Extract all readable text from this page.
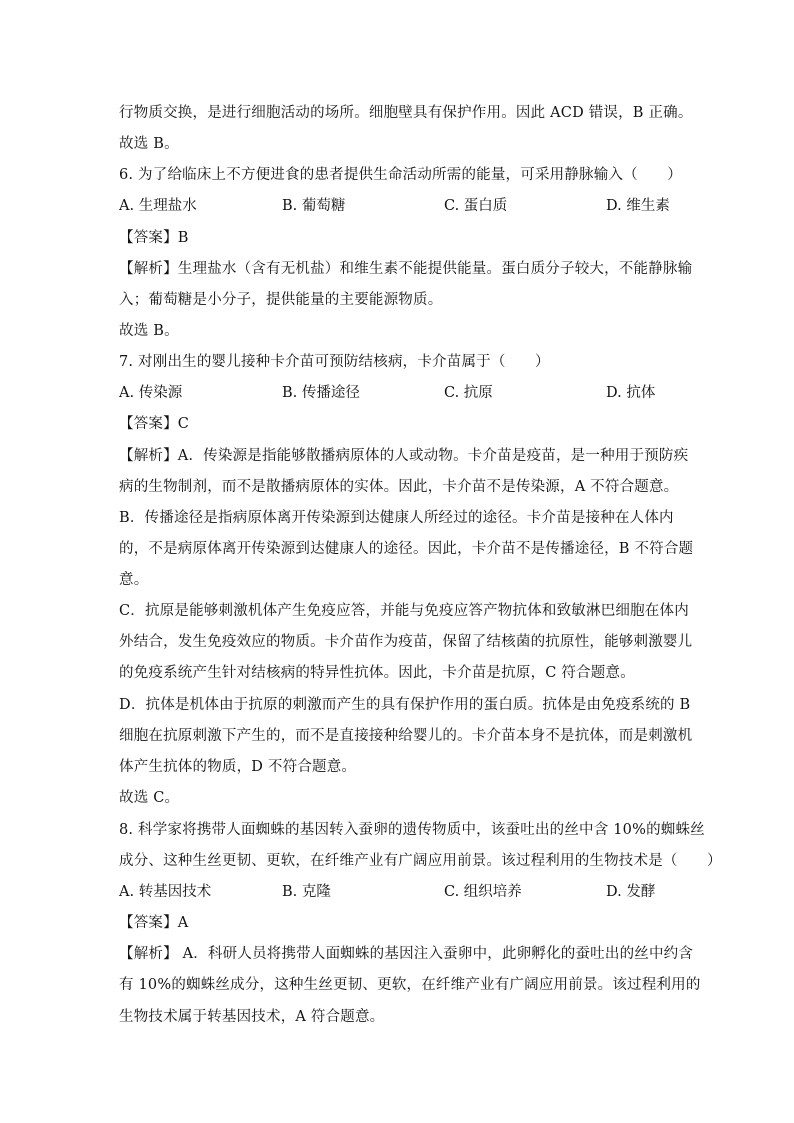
行物质交换，是进行细胞活动的场所。细胞壁具有保护作用。因此 ACD 错误，B 正确。
故选 B。
6. 为了给临床上不方便进食的患者提供生命活动所需的能量，可采用静脉输入（　　）
A. 生理盐水	B. 葡萄糖	C. 蛋白质	D. 维生素
【答案】B
【解析】生理盐水（含有无机盐）和维生素不能提供能量。蛋白质分子较大，不能静脉输
入；葡萄糖是小分子，提供能量的主要能源物质。
故选 B。
7. 对刚出生的婴儿接种卡介苗可预防结核病，卡介苗属于（　　）
A. 传染源	B. 传播途径	C. 抗原	D. 抗体
【答案】C
【解析】A．传染源是指能够散播病原体的人或动物。卡介苗是疫苗，是一种用于预防疾
病的生物制剂，而不是散播病原体的实体。因此，卡介苗不是传染源，A 不符合题意。
B．传播途径是指病原体离开传染源到达健康人所经过的途径。卡介苗是接种在人体内
的，不是病原体离开传染源到达健康人的途径。因此，卡介苗不是传播途径，B 不符合题
意。
C．抗原是能够刺激机体产生免疫应答，并能与免疫应答产物抗体和致敏淋巴细胞在体内
外结合，发生免疫效应的物质。卡介苗作为疫苗，保留了结核菌的抗原性，能够刺激婴儿
的免疫系统产生针对结核病的特异性抗体。因此，卡介苗是抗原，C 符合题意。
D．抗体是机体由于抗原的刺激而产生的具有保护作用的蛋白质。抗体是由免疫系统的 B
细胞在抗原刺激下产生的，而不是直接接种给婴儿的。卡介苗本身不是抗体，而是刺激机
体产生抗体的物质，D 不符合题意。
故选 C。
8. 科学家将携带人面蜘蛛的基因转入蚕卵的遗传物质中，该蚕吐出的丝中含 10%的蜘蛛丝
成分、这种生丝更韧、更软，在纤维产业有广阔应用前景。该过程利用的生物技术是（　　）
A. 转基因技术	B. 克隆	C. 组织培养	D. 发酵
【答案】A
【解析】 A．科研人员将携带人面蜘蛛的基因注入蚕卵中，此卵孵化的蚕吐出的丝中约含
有 10%的蜘蛛丝成分，这种生丝更韧、更软，在纤维产业有广阔应用前景。该过程利用的
生物技术属于转基因技术，A 符合题意。
